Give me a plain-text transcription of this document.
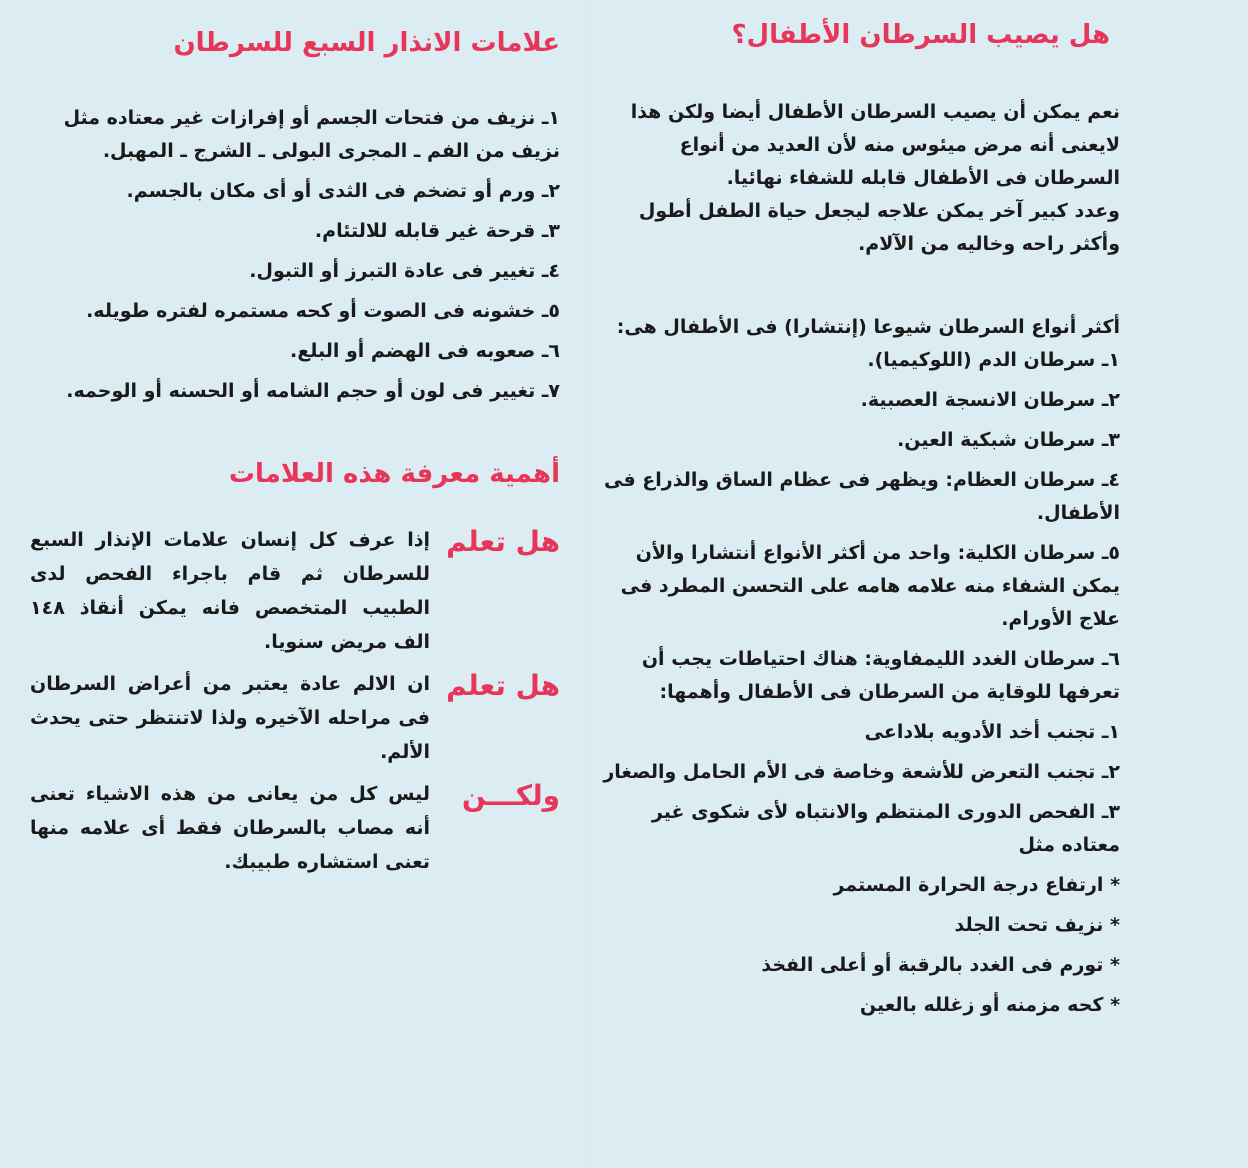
هل يصيب السرطان الأطفال؟

نعم يمكن أن يصيب السرطان الأطفال أيضا ولكن هذا لايعنى أنه مرض ميئوس منه لأن العديد من أنواع السرطان فى الأطفال قابله للشفاء نهائيا.

وعدد كبير آخر يمكن علاجه ليجعل حياة الطفل أطول وأكثر راحه وخاليه من الآلام.

أكثر أنواع السرطان شيوعا (إنتشارا) فى الأطفال هى:

١ـ سرطان الدم (اللوكيميا).
٢ـ سرطان الانسجة العصبية.
٣ـ سرطان شبكية العين.
٤ـ سرطان العظام: ويظهر فى عظام الساق والذراع فى الأطفال.
٥ـ سرطان الكلية: واحد من أكثر الأنواع أنتشارا والأن يمكن الشفاء منه علامه هامه على التحسن المطرد فى علاج الأورام.
٦ـ سرطان الغدد الليمفاوية: هناك احتياطات يجب أن تعرفها للوقاية من السرطان فى الأطفال وأهمها:
١ـ تجنب أخد الأدويه بلاداعى
٢ـ تجنب التعرض للأشعة وخاصة فى الأم الحامل والصغار
٣ـ الفحص الدورى المنتظم والانتباه لأى شكوى غير معتاده مثل
* ارتفاع درجة الحرارة المستمر
* نزيف تحت الجلد
* تورم فى الغدد بالرقبة أو أعلى الفخذ
* كحه مزمنه أو زغلله بالعين
علامات الانذار السبع للسرطان
١ـ نزيف من فتحات الجسم أو إفرازات غير معتاده مثل نزيف من الفم ـ المجرى البولى ـ الشرج ـ المهبل.
٢ـ ورم أو تضخم فى الثدى أو أى مكان بالجسم.
٣ـ قرحة غير قابله للالتئام.
٤ـ تغيير فى عادة التبرز أو التبول.
٥ـ خشونه فى الصوت أو كحه مستمره لفتره طويله.
٦ـ صعوبه فى الهضم أو البلع.
٧ـ تغيير فى لون أو حجم الشامه أو الحسنه أو الوحمه.
أهمية معرفة هذه العلامات
هل تعلم
إذا عرف كل إنسان علامات الإنذار السبع للسرطان ثم قام باجراء الفحص لدى الطبيب المتخصص فانه يمكن أنقاذ ١٤٨ الف مريض سنويا.
هل تعلم
ان الالم عادة يعتبر من أعراض السرطان فى مراحله الآخيره ولذا لاتنتظر حتى يحدث الألم.
ولكـــن
ليس كل من يعانى من هذه الاشياء تعنى أنه مصاب بالسرطان فقط أى علامه منها تعنى استشاره طبيبك.
